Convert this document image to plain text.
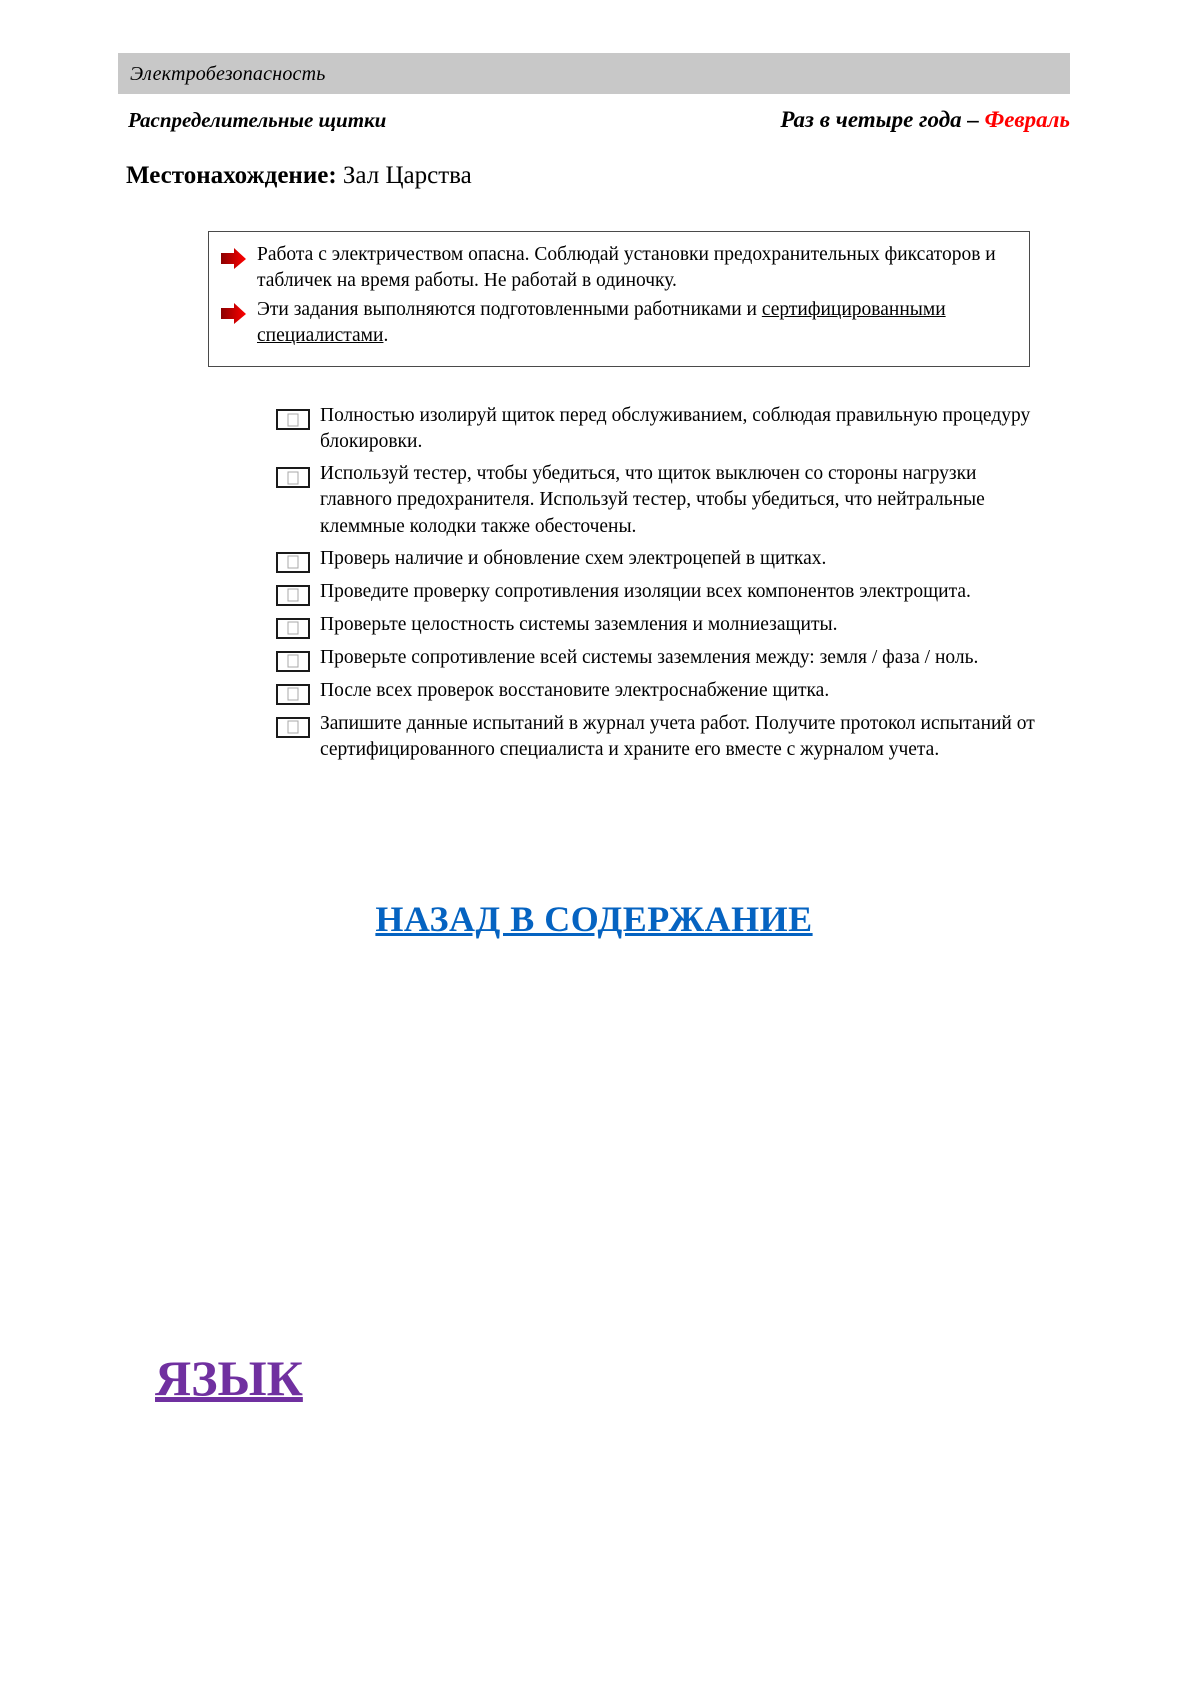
Электробезопасность
Распределительные щитки	Раз в четыре года – Февраль
Местонахождение: Зал Царства
Работа с электричеством опасна. Соблюдай установки предохранительных фиксаторов и табличек на время работы. Не работай в одиночку.
Эти задания выполняются подготовленными работниками и сертифицированными специалистами.
Полностью изолируй щиток перед обслуживанием, соблюдая правильную процедуру блокировки.
Используй тестер, чтобы убедиться, что щиток выключен со стороны нагрузки главного предохранителя. Используй тестер, чтобы убедиться, что нейтральные клеммные колодки также обесточены.
Проверь наличие и обновление схем электроцепей в щитках.
Проведите проверку сопротивления изоляции всех компонентов электрощита.
Проверьте целостность системы заземления и молниезащиты.
Проверьте сопротивление всей системы заземления между: земля / фаза / ноль.
После всех проверок восстановите электроснабжение щитка.
Запишите данные испытаний в журнал учета работ. Получите протокол испытаний от сертифицированного специалиста и храните его вместе с журналом учета.
НАЗАД В СОДЕРЖАНИЕ
ЯЗЫК
